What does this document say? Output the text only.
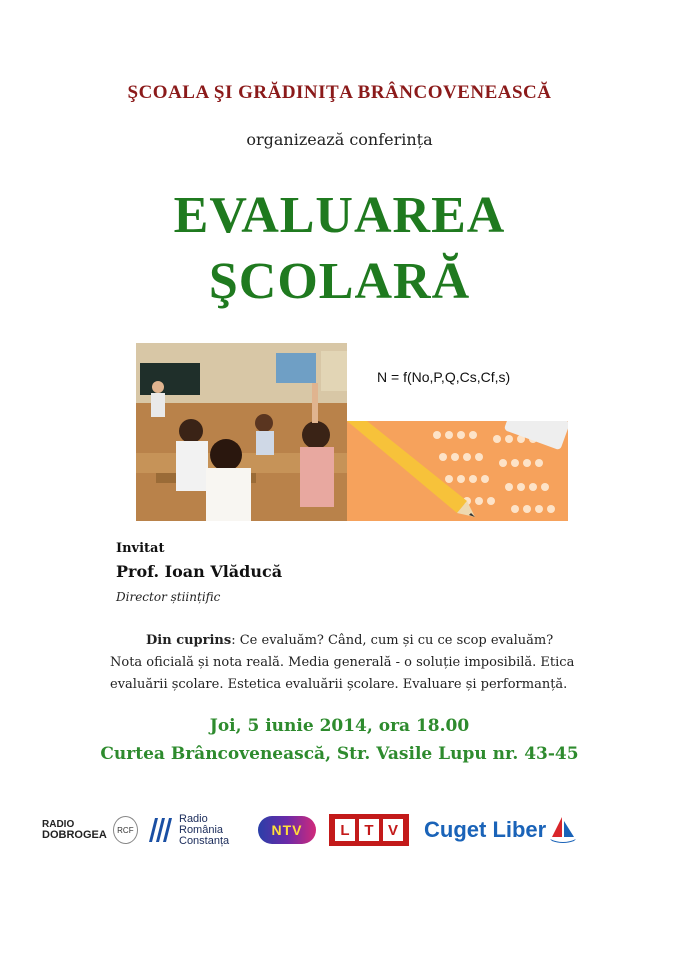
ŞCOALA ŞI GRĂDINIŢA BRÂNCOVENEASCĂ
organizează conferința
EVALUAREA
ŞCOLARĂ
N = f(No,P,Q,Cs,Cf,s)
Invitat
Prof. Ioan Vlăducă
Director științific
Din cuprins: Ce evaluăm? Când, cum și cu ce scop evaluăm? Nota oficială și nota reală. Media generală - o soluție imposibilă. Etica evaluării școlare. Estetica evaluării școlare. Evaluare și performanță.
Joi, 5 iunie 2014, ora 18.00
Curtea Brâncovenească, Str. Vasile Lupu nr. 43-45
RADIO
DOBROGEA RCF
Radio
România
Constanța
NTV	L T V Cuget Liber
